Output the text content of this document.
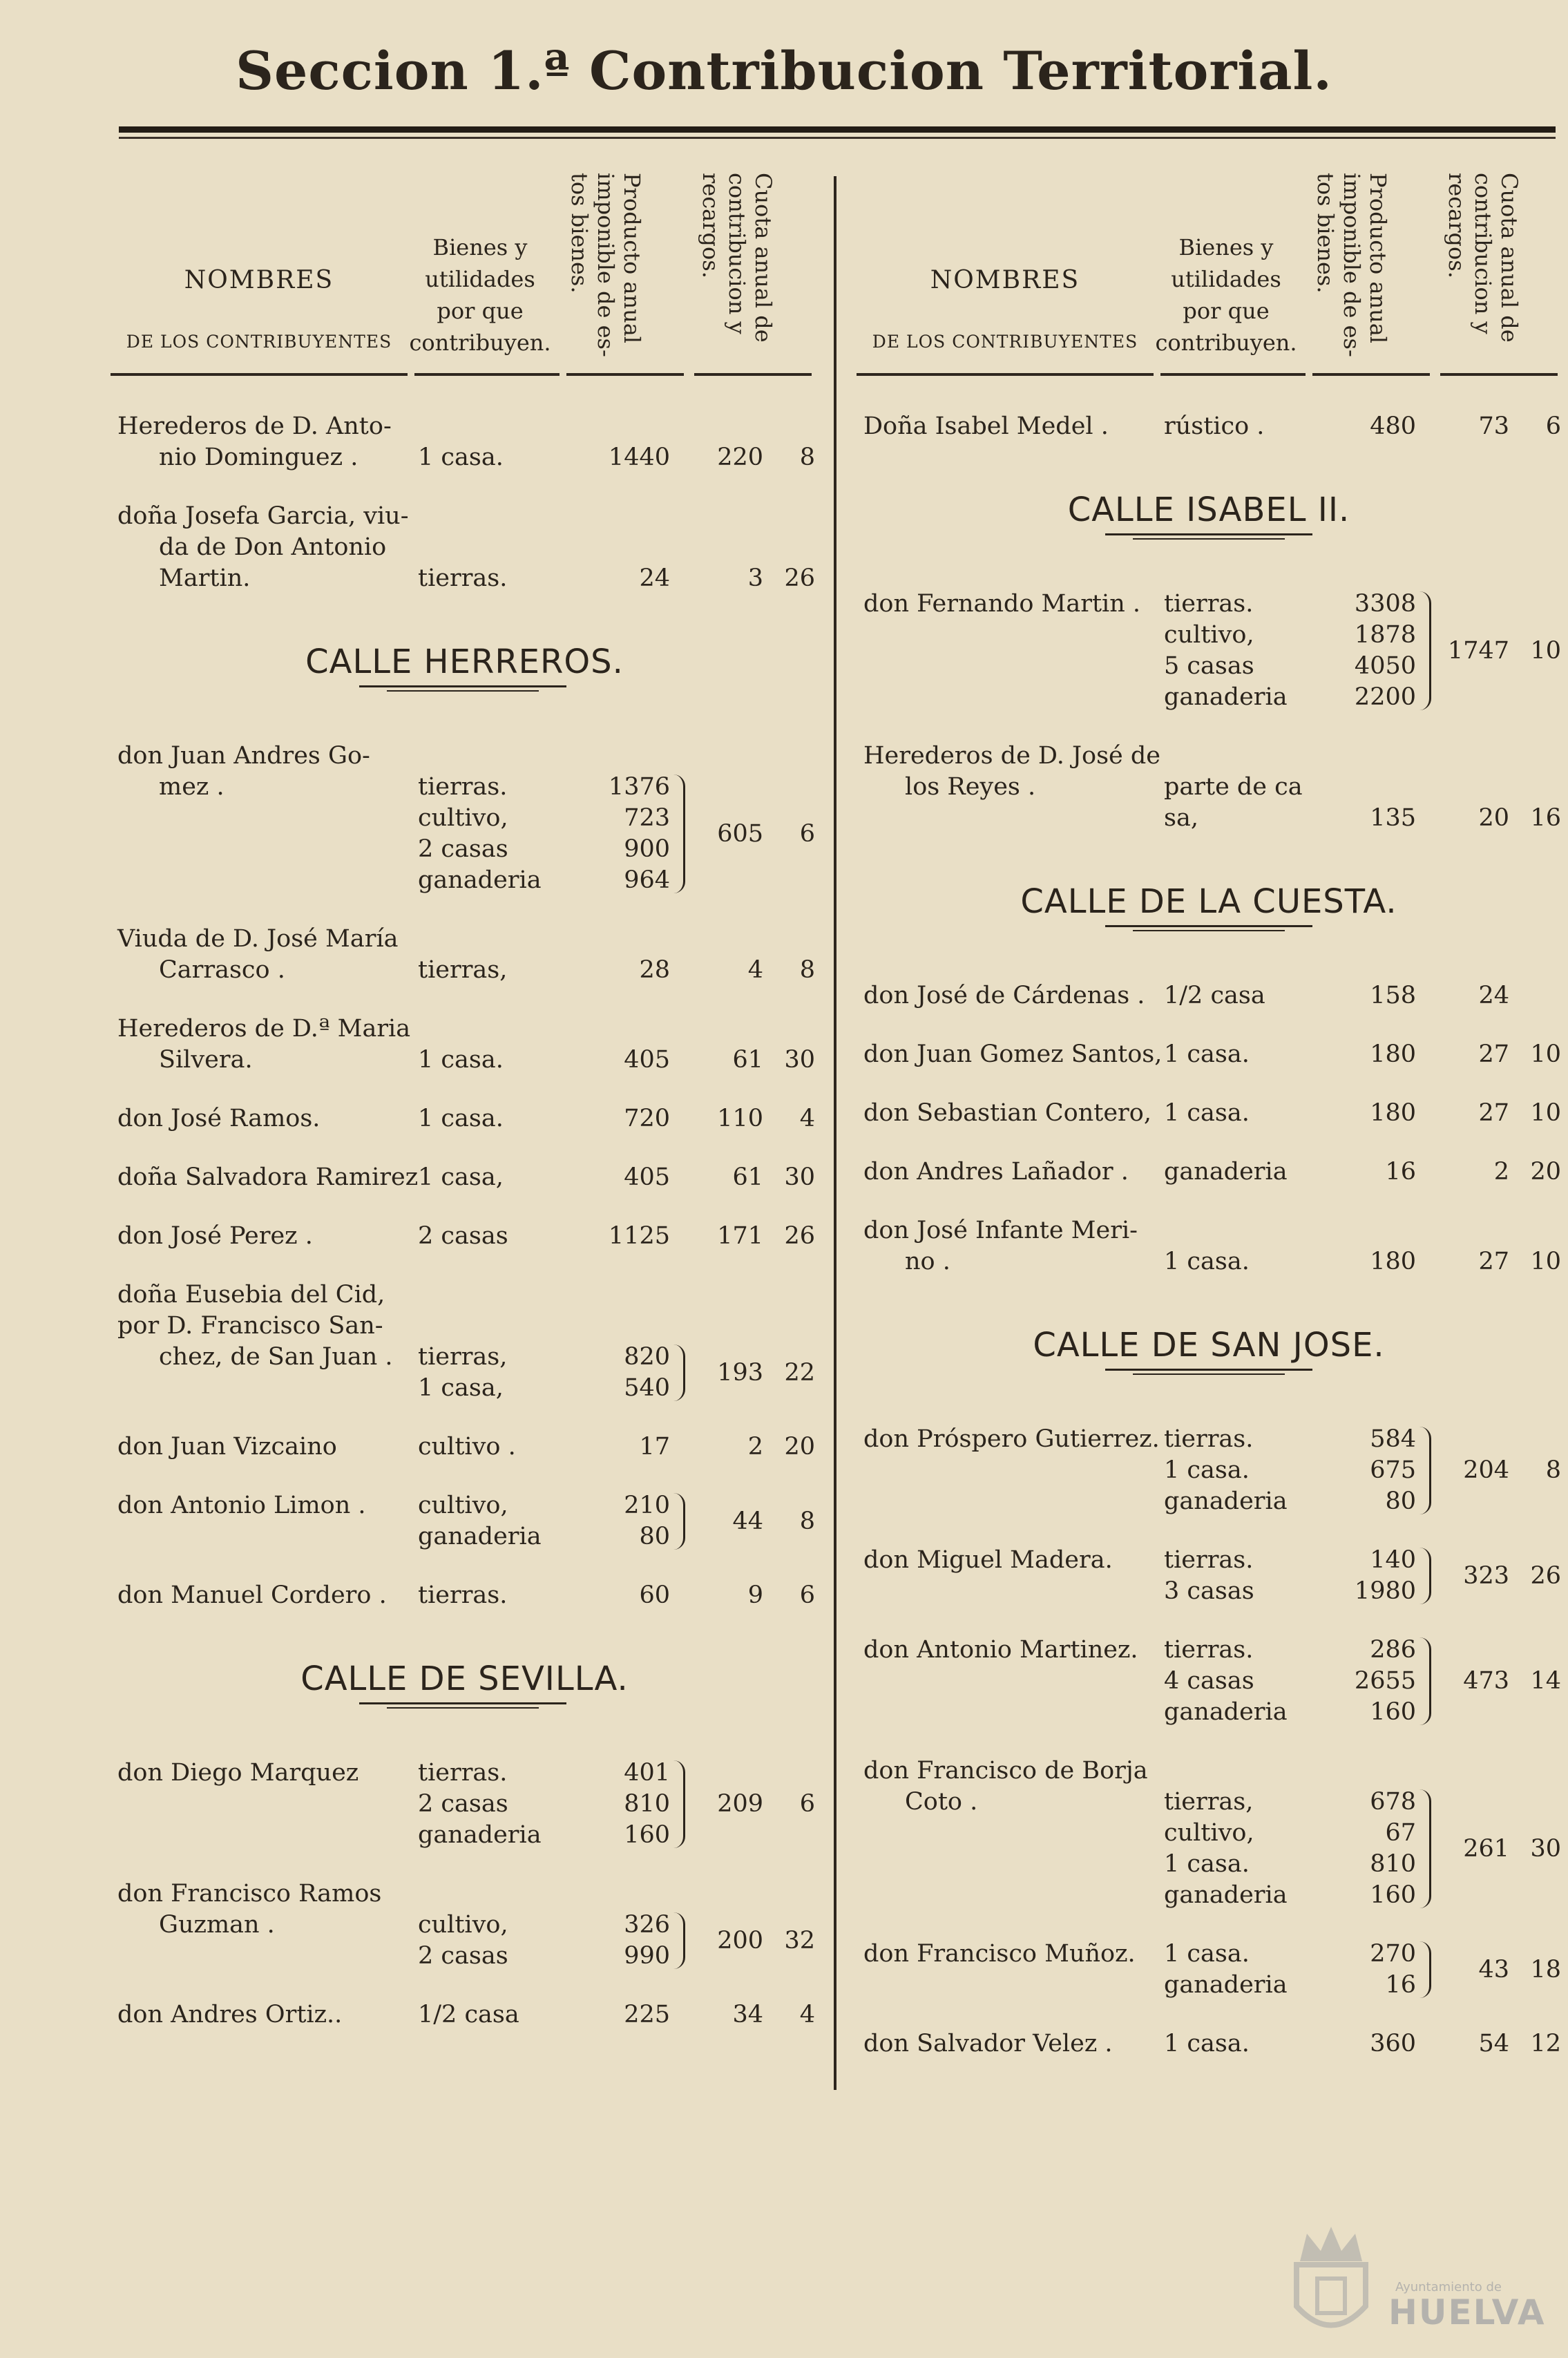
Seccion 1.ª Contribucion Territorial.
NOMBRES
DE LOS CONTRIBUYENTES
Bienes y utilidades por que contribuyen.	Producto anual imponible de es-tos bienes.	Cuota anual de contribucion y recargos.
Herederos de D. Anto-
nio Dominguez . 1 casa.	1440	220	8
doña Josefa Garcia, viu-
da de Don Antonio
Martin.	tierras.	24	3 26
CALLE HERREROS.
don Juan Andres Go-
mez .	tierras.	1376
cultivo,	723
2 casas	900
ganaderia	964
605	6
Viuda de D. José María
Carrasco .	tierras,	28	4	8
Herederos de D.ª Maria
Silvera.	1 casa.	405	61 30
don José Ramos.	1 casa.	720	110	4
doña Salvadora Ramirez 1 casa,	405	61 30
don José Perez .	2 casas	1125	171 26
doña Eusebia del Cid,
por D. Francisco San-
chez, de San Juan . tierras,	820
1 casa,	540
193 22
don Juan Vizcaino	cultivo .	17	2 20
don Antonio Limon . cultivo,	210
ganaderia	80
44	8
don Manuel Cordero . tierras.	60	9	6
CALLE DE SEVILLA.
don Diego Marquez tierras.	401
2 casas	810
ganaderia	160
209	6
don Francisco Ramos
Guzman .	cultivo,	326
2 casas	990
200 32
don Andres Ortiz..	1/2 casa	225	34	4
NOMBRES
DE LOS CONTRIBUYENTES
Bienes y utilidades por que contribuyen.	Producto anual imponible de es-tos bienes.	Cuota anual de contribucion y recargos.
Doña Isabel Medel . rústico .	480	73	6
CALLE ISABEL II.
don Fernando Martin . tierras.	3308
cultivo,	1878
5 casas	4050
ganaderia	2200
1747 10
Herederos de D. José de
los Reyes .	parte de ca
sa,	135	20 16
CALLE DE LA CUESTA.
don José de Cárdenas . 1/2 casa	158	24
don Juan Gomez Santos, 1 casa.	180	27 10
don Sebastian Contero, 1 casa.	180	27 10
don Andres Lañador . ganaderia	16	2 20
don José Infante Meri-
no .	1 casa.	180	27 10
CALLE DE SAN JOSE.
don Próspero Gutierrez. tierras.	584
1 casa.	675
ganaderia	80
204	8
don Miguel Madera. tierras.	140
3 casas	1980
323 26
don Antonio Martinez. tierras.	286
4 casas	2655
ganaderia	160
473 14
don Francisco de Borja
Coto .	tierras,	678
cultivo,	67
1 casa.	810
ganaderia	160
261 30
don Francisco Muñoz. 1 casa.	270
ganaderia	16
43 18
don Salvador Velez . 1 casa.	360	54 12
Ayuntamiento de
HUELVA
